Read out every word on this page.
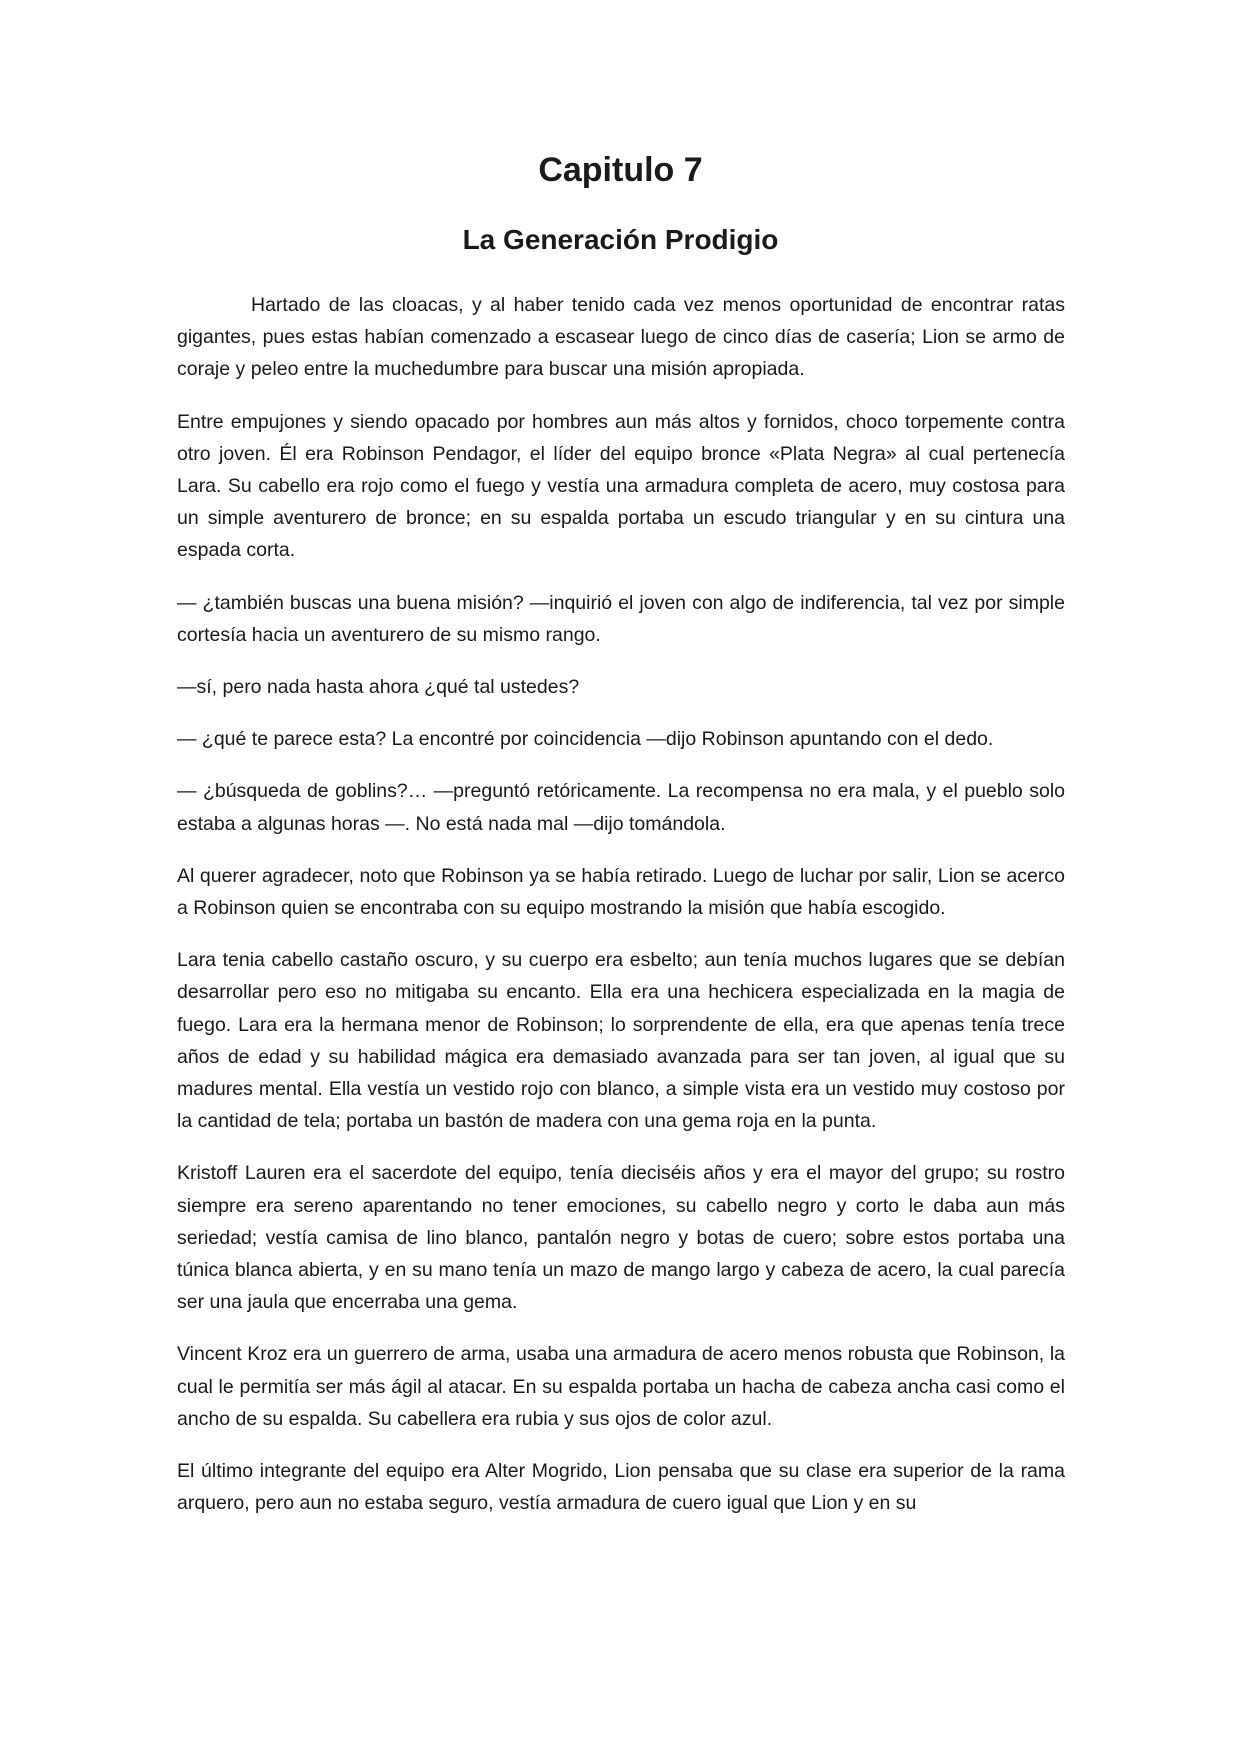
Capitulo 7
La Generación Prodigio

Hartado de las cloacas, y al haber tenido cada vez menos oportunidad de encontrar ratas gigantes, pues estas habían comenzado a escasear luego de cinco días de casería; Lion se armo de coraje y peleo entre la muchedumbre para buscar una misión apropiada.

Entre empujones y siendo opacado por hombres aun más altos y fornidos, choco torpemente contra otro joven. Él era Robinson Pendagor, el líder del equipo bronce «Plata Negra» al cual pertenecía Lara. Su cabello era rojo como el fuego y vestía una armadura completa de acero, muy costosa para un simple aventurero de bronce; en su espalda portaba un escudo triangular y en su cintura una espada corta.

— ¿también buscas una buena misión? —inquirió el joven con algo de indiferencia, tal vez por simple cortesía hacia un aventurero de su mismo rango.

—sí, pero nada hasta ahora ¿qué tal ustedes?

— ¿qué te parece esta? La encontré por coincidencia —dijo Robinson apuntando con el dedo.

— ¿búsqueda de goblins?… —preguntó retóricamente. La recompensa no era mala, y el pueblo solo estaba a algunas horas —. No está nada mal —dijo tomándola.

Al querer agradecer, noto que Robinson ya se había retirado. Luego de luchar por salir, Lion se acerco a Robinson quien se encontraba con su equipo mostrando la misión que había escogido.

Lara tenia cabello castaño oscuro, y su cuerpo era esbelto; aun tenía muchos lugares que se debían desarrollar pero eso no mitigaba su encanto. Ella era una hechicera especializada en la magia de fuego. Lara era la hermana menor de Robinson; lo sorprendente de ella, era que apenas tenía trece años de edad y su habilidad mágica era demasiado avanzada para ser tan joven, al igual que su madures mental. Ella vestía un vestido rojo con blanco, a simple vista era un vestido muy costoso por la cantidad de tela; portaba un bastón de madera con una gema roja en la punta.

Kristoff Lauren era el sacerdote del equipo, tenía dieciséis años y era el mayor del grupo; su rostro siempre era sereno aparentando no tener emociones, su cabello negro y corto le daba aun más seriedad; vestía camisa de lino blanco, pantalón negro y botas de cuero; sobre estos portaba una túnica blanca abierta, y en su mano tenía un mazo de mango largo y cabeza de acero, la cual parecía ser una jaula que encerraba una gema.

Vincent Kroz era un guerrero de arma, usaba una armadura de acero menos robusta que Robinson, la cual le permitía ser más ágil al atacar. En su espalda portaba un hacha de cabeza ancha casi como el ancho de su espalda. Su cabellera era rubia y sus ojos de color azul.

El último integrante del equipo era Alter Mogrido, Lion pensaba que su clase era superior de la rama arquero, pero aun no estaba seguro, vestía armadura de cuero igual que Lion y en su
